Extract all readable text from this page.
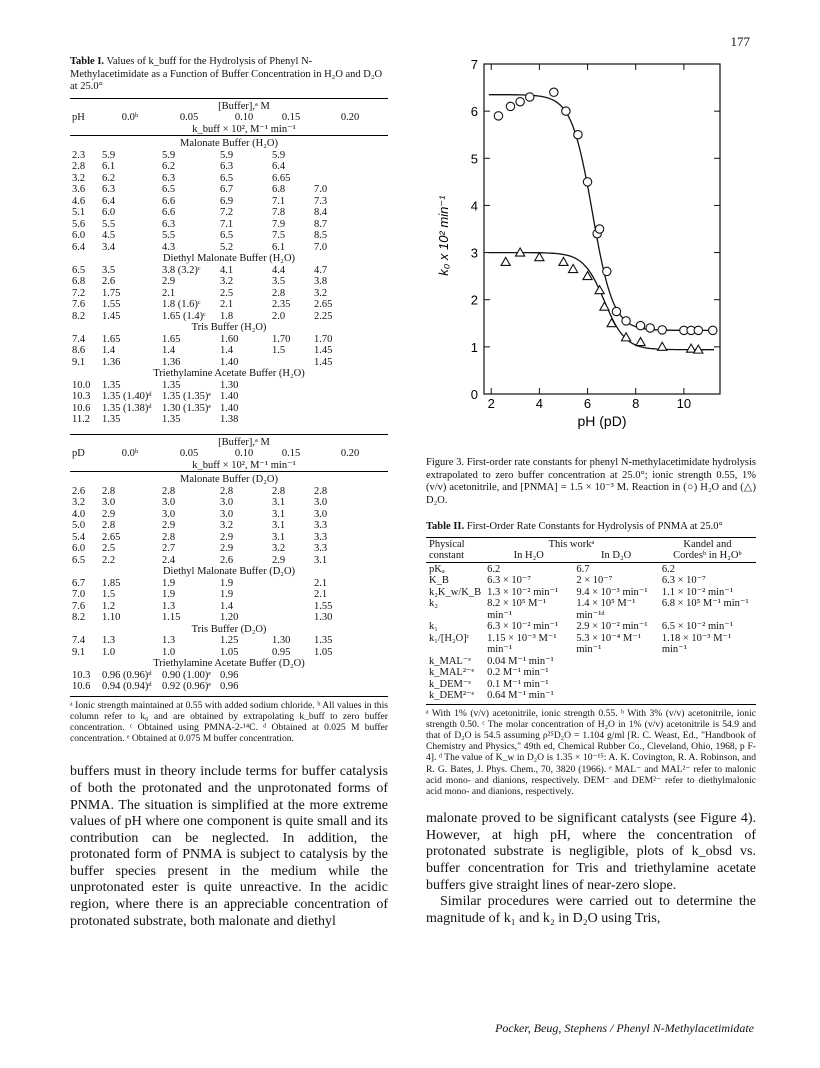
177

Table I. Values of k_buff for the Hydrolysis of Phenyl N-Methylacetimidate as a Function of Buffer Concentration in H₂O and D₂O at 25.0°

pH	[Buffer],ᵃ M				
	0.0ᵇ	0.05	0.10	0.15	0.20
	k_buff × 10², M⁻¹ min⁻¹				

Malonate Buffer (H₂O)					
2.3	5.9	5.9	5.9	5.9	
2.8	6.1	6.2	6.3	6.4	
3.2	6.2	6.3	6.5	6.65	
3.6	6.3	6.5	6.7	6.8	7.0
4.6	6.4	6.6	6.9	7.1	7.3
5.1	6.0	6.6	7.2	7.8	8.4
5.6	5.5	6.3	7.1	7.9	8.7
6.0	4.5	5.5	6.5	7.5	8.5
6.4	3.4	4.3	5.2	6.1	7.0
Diethyl Malonate Buffer (H₂O)					
6.5	3.5	3.8 (3.2)ᶜ	4.1	4.4	4.7
6.8	2.6	2.9	3.2	3.5	3.8
7.2	1.75	2.1	2.5	2.8	3.2
7.6	1.55	1.8 (1.6)ᶜ	2.1	2.35	2.65
8.2	1.45	1.65 (1.4)ᶜ	1.8	2.0	2.25
Tris Buffer (H₂O)					
7.4	1.65	1.65	1.60	1.70	1.70
8.6	1.4	1.4	1.4	1.5	1.45
9.1	1.36	1.36	1.40		1.45
Triethylamine Acetate Buffer (H₂O)					
10.0	1.35	1.35	1.30		
10.3	1.35 (1.40)ᵈ	1.35 (1.35)ᵉ	1.40		
10.6	1.35 (1.38)ᵈ	1.30 (1.35)ᵉ	1.40		
11.2	1.35	1.35	1.38		

pD	[Buffer],ᵃ M				
	0.0ᵇ	0.05	0.10	0.15	0.20
	k_buff × 10², M⁻¹ min⁻¹				

Malonate Buffer (D₂O)					
2.6	2.8	2.8	2.8	2.8	2.8
3.2	3.0	3.0	3.0	3.1	3.0
4.0	2.9	3.0	3.0	3.1	3.0
5.0	2.8	2.9	3.2	3.1	3.3
5.4	2.65	2.8	2.9	3.1	3.3
6.0	2.5	2.7	2.9	3.2	3.3
6.5	2.2	2.4	2.6	2.9	3.1
Diethyl Malonate Buffer (D₂O)					
6.7	1.85	1.9	1.9		2.1
7.0	1.5	1.9	1.9		2.1
7.6	1.2	1.3	1.4		1.55
8.2	1.10	1.15	1.20		1.30
Tris Buffer (D₂O)					
7.4	1.3	1.3	1.25	1.30	1.35
9.1	1.0	1.0	1.05	0.95	1.05
Triethylamine Acetate Buffer (D₂O)					
10.3	0.96 (0.96)ᵈ	0.90 (1.00)ᵉ	0.96		
10.6	0.94 (0.94)ᵈ	0.92 (0.96)ᵉ	0.96		

ᵃ Ionic strength maintained at 0.55 with added sodium chloride. ᵇ All values in this column refer to k₀ and are obtained by extrapolating k_buff to zero buffer concentration. ᶜ Obtained using PMNA-2-¹⁴C. ᵈ Obtained at 0.025 M buffer concentration. ᵉ Obtained at 0.075 M buffer concentration.

buffers must in theory include terms for buffer catalysis of both the protonated and the unprotonated forms of PNMA. The situation is simplified at the more extreme values of pH where one component is quite small and its contribution can be neglected. In addition, the protonated form of PNMA is subject to catalysis by the buffer species present in the medium while the unprotonated ester is quite unreactive. In the acidic region, where there is an appreciable concentration of protonated substrate, both malonate and diethyl

2	4	6	8	10
0
1
2
3
4
5
6
7
pH (pD)
k₀ x 10² min⁻¹

Figure 3. First-order rate constants for phenyl N-methylacetimidate hydrolysis extrapolated to zero buffer concentration at 25.0°; ionic strength 0.55, 1% (v/v) acetonitrile, and [PNMA] = 1.5 × 10⁻³ M. Reaction in (○) H₂O and (△) D₂O.

Table II. First-Order Rate Constants for Hydrolysis of PNMA at 25.0°

Physical	This workᵃ		Kandel and
constant	In H₂O	In D₂O	Cordesᵇ in H₂Oᵇ

pKₐ	6.2	6.7	6.2
K_B	6.3 × 10⁻⁷	2 × 10⁻⁷	6.3 × 10⁻⁷
k₂K_w/K_B	1.3 × 10⁻² min⁻¹	9.4 × 10⁻³ min⁻¹	1.1 × 10⁻² min⁻¹
k₂	8.2 × 10⁵ M⁻¹ min⁻¹	1.4 × 10⁵ M⁻¹ min⁻¹ᵈ	6.8 × 10⁵ M⁻¹ min⁻¹
k₁	6.3 × 10⁻² min⁻¹	2.9 × 10⁻² min⁻¹	6.5 × 10⁻² min⁻¹
k₁/[H₂O]ᶜ	1.15 × 10⁻³ M⁻¹ min⁻¹	5.3 × 10⁻⁴ M⁻¹ min⁻¹	1.18 × 10⁻³ M⁻¹ min⁻¹
k_MAL⁻ᵉ	0.04 M⁻¹ min⁻¹		
k_MAL²⁻ᵉ	0.2 M⁻¹ min⁻¹		
k_DEM⁻ᵉ	0.1 M⁻¹ min⁻¹		
k_DEM²⁻ᵉ	0.64 M⁻¹ min⁻¹		

ᵃ With 1% (v/v) acetonitrile, ionic strength 0.55. ᵇ With 3% (v/v) acetonitrile, ionic strength 0.50. ᶜ The molar concentration of H₂O in 1% (v/v) acetonitrile is 54.9 and that of D₂O is 54.5 assuming ρ²⁵D₂O = 1.104 g/ml [R. C. Weast, Ed., "Handbook of Chemistry and Physics," 49th ed, Chemical Rubber Co., Cleveland, Ohio, 1968, p F-4]. ᵈ The value of K_w in D₂O is 1.35 × 10⁻¹⁵: A. K. Covington, R. A. Robinson, and R. G. Bates, J. Phys. Chem., 70, 3820 (1966). ᵉ MAL⁻ and MAL²⁻ refer to malonic acid mono- and dianions, respectively. DEM⁻ and DEM²⁻ refer to diethylmalonic acid mono- and dianions, respectively.

malonate proved to be significant catalysts (see Figure 4). However, at high pH, where the concentration of protonated substrate is negligible, plots of k_obsd vs. buffer concentration for Tris and triethylamine acetate buffers give straight lines of near-zero slope.

Similar procedures were carried out to determine the magnitude of k₁ and k₂ in D₂O using Tris,

Pocker, Beug, Stephens / Phenyl N-Methylacetimidate
